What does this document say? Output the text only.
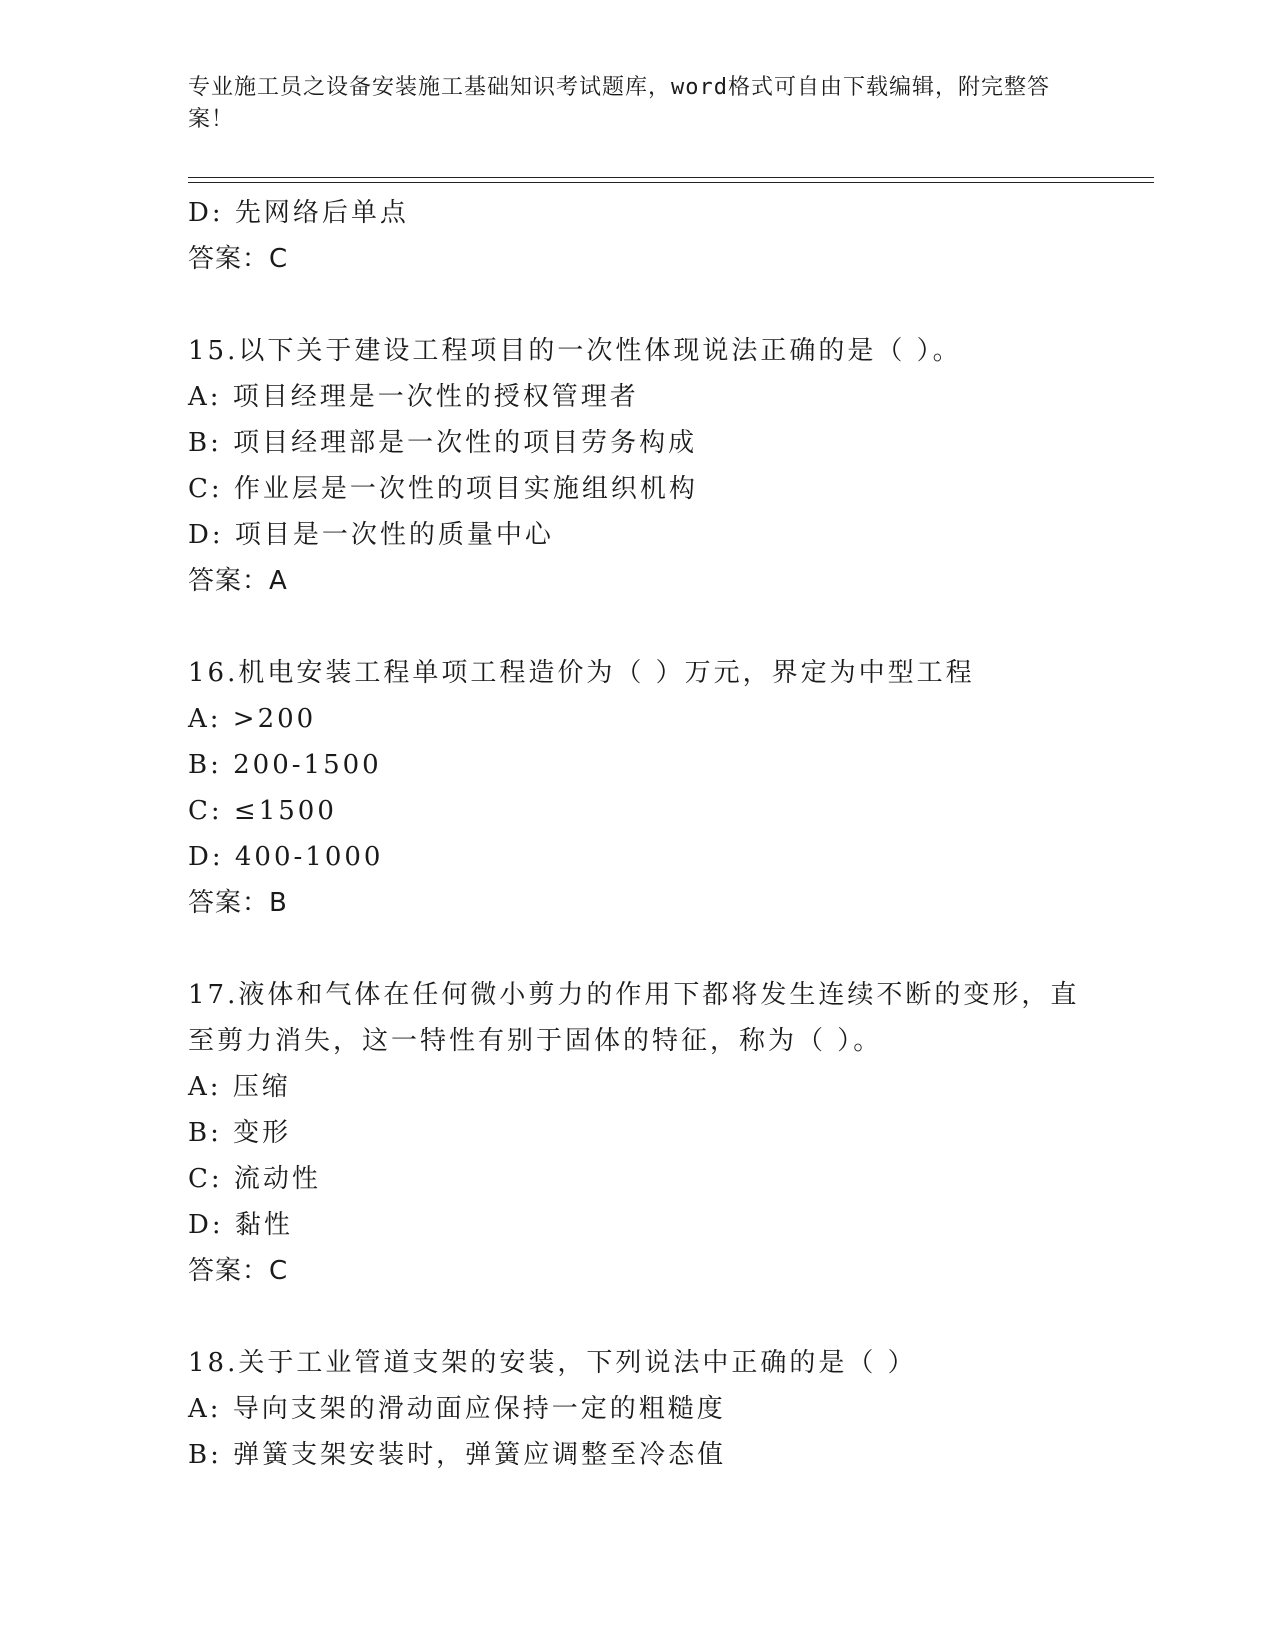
专业施工员之设备安装施工基础知识考试题库，word格式可自由下载编辑，附完整答案！
D: 先网络后单点
答案：C
15.以下关于建设工程项目的一次性体现说法正确的是（ ）。
A: 项目经理是一次性的授权管理者
B: 项目经理部是一次性的项目劳务构成
C: 作业层是一次性的项目实施组织机构
D: 项目是一次性的质量中心
答案：A
16.机电安装工程单项工程造价为（ ）万元，界定为中型工程
A: >200
B: 200-1500
C: ≤1500
D: 400-1000
答案：B
17.液体和气体在任何微小剪力的作用下都将发生连续不断的变形，直至剪力消失，这一特性有别于固体的特征，称为（ ）。
A: 压缩
B: 变形
C: 流动性
D: 黏性
答案：C
18.关于工业管道支架的安装，下列说法中正确的是（ ）
A: 导向支架的滑动面应保持一定的粗糙度
B: 弹簧支架安装时，弹簧应调整至冷态值
